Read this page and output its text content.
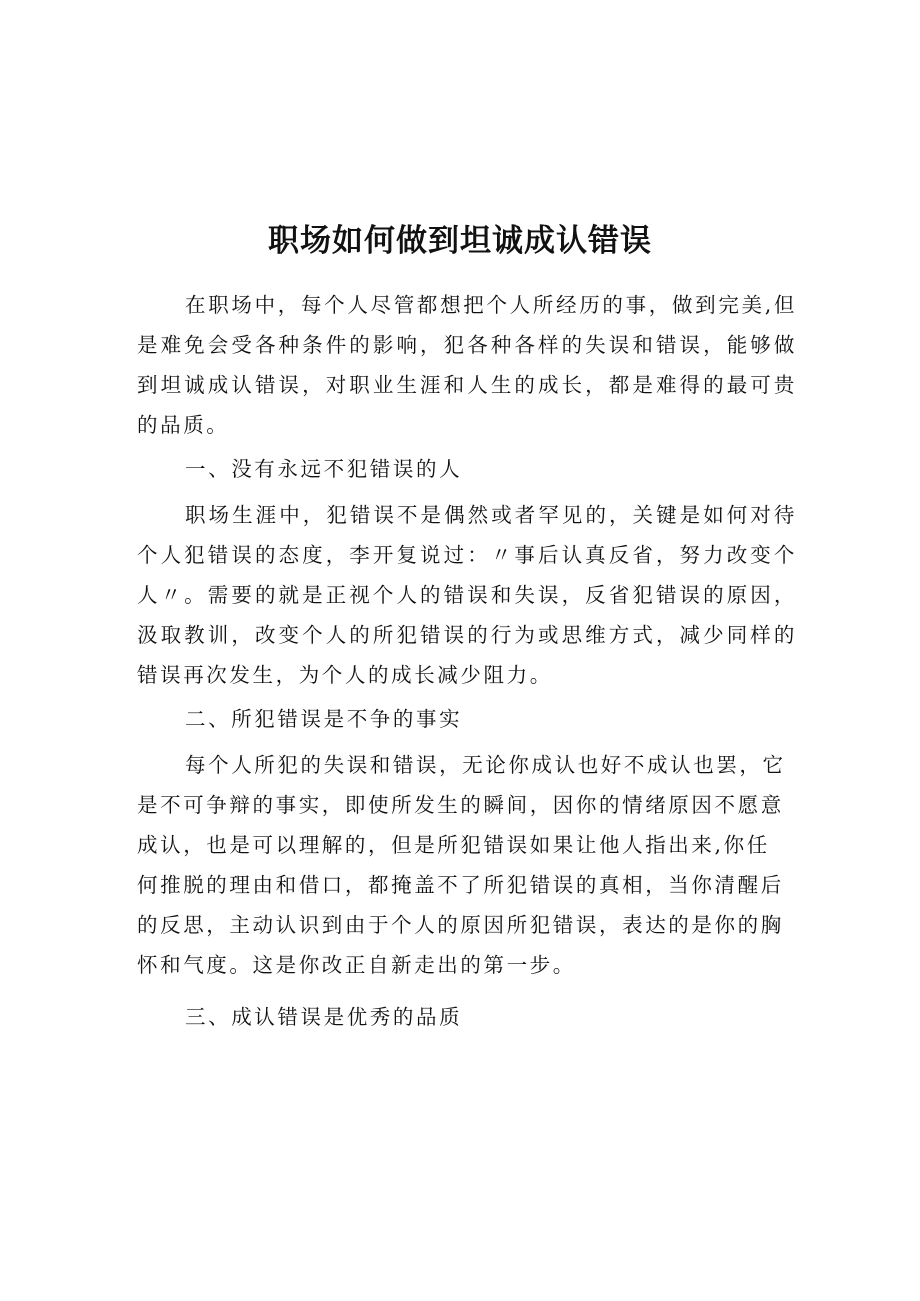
职场如何做到坦诚成认错误

在职场中，每个人尽管都想把个人所经历的事，做到完美,但是难免会受各种条件的影响，犯各种各样的失误和错误，能够做到坦诚成认错误，对职业生涯和人生的成长，都是难得的最可贵的品质。

一、没有永远不犯错误的人

职场生涯中，犯错误不是偶然或者罕见的，关键是如何对待个人犯错误的态度，李开复说过：〃事后认真反省，努力改变个人〃。需要的就是正视个人的错误和失误，反省犯错误的原因，汲取教训，改变个人的所犯错误的行为或思维方式，减少同样的错误再次发生，为个人的成长减少阻力。

二、所犯错误是不争的事实

每个人所犯的失误和错误，无论你成认也好不成认也罢，它
是不可争辩的事实，即使所发生的瞬间，因你的情绪原因不愿意
成认，也是可以理解的，但是所犯错误如果让他人指出来,你任
何推脱的理由和借口，都掩盖不了所犯错误的真相，当你清醒后
的反思，主动认识到由于个人的原因所犯错误，表达的是你的胸
怀和气度。这是你改正自新走出的第一步。

三、成认错误是优秀的品质
